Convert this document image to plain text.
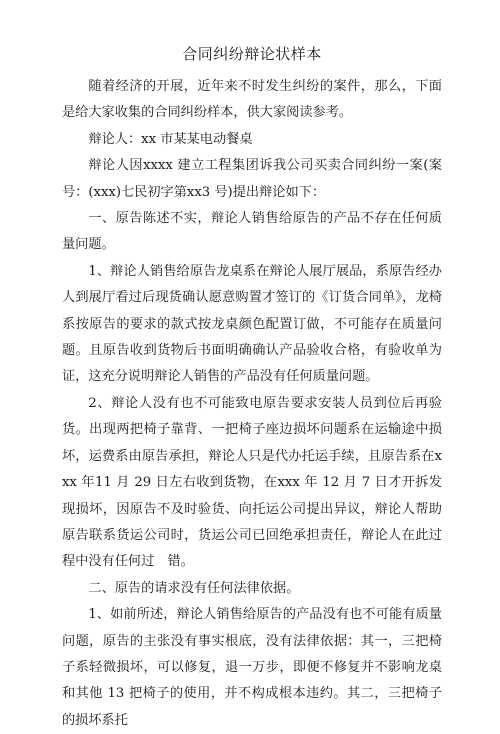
合同纠纷辩论状样本

随着经济的开展，近年来不时发生纠纷的案件，那么，下面是给大家收集的合同纠纷样本，供大家阅读参考。

辩论人：xx 市某某电动餐桌

辩论人因xxxx 建立工程集团诉我公司买卖合同纠纷一案(案号：(xxx)七民初字第xx3 号)提出辩论如下：

一、原告陈述不实，辩论人销售给原告的产品不存在任何质量问题。

1、辩论人销售给原告龙桌系在辩论人展厅展品，系原告经办人到展厅看过后现货确认愿意购置才签订的《订货合同单》，龙椅系按原告的要求的款式按龙桌颜色配置订做，不可能存在质量问题。且原告收到货物后书面明确确认产品验收合格，有验收单为证，这充分说明辩论人销售的产品没有任何质量问题。

2、辩论人没有也不可能致电原告要求安装人员到位后再验货。出现两把椅子靠背、一把椅子座边损坏问题系在运输途中损坏，运费系由原告承担，辩论人只是代办托运手续，且原告系在xxx 年11 月 29 日左右收到货物，在xxx 年 12 月 7 日才开拆发现损坏，因原告不及时验货、向托运公司提出异议，辩论人帮助原告联系货运公司时，货运公司已回绝承担责任，辩论人在此过程中没有任何过　错。

二、原告的请求没有任何法律依据。

1、如前所述，辩论人销售给原告的产品没有也不可能有质量问题，原告的主张没有事实根底，没有法律依据：其一，三把椅子系轻微损坏，可以修复，退一万步，即便不修复并不影响龙桌和其他 13 把椅子的使用，并不构成根本违约。其二，三把椅子的损坏系托
